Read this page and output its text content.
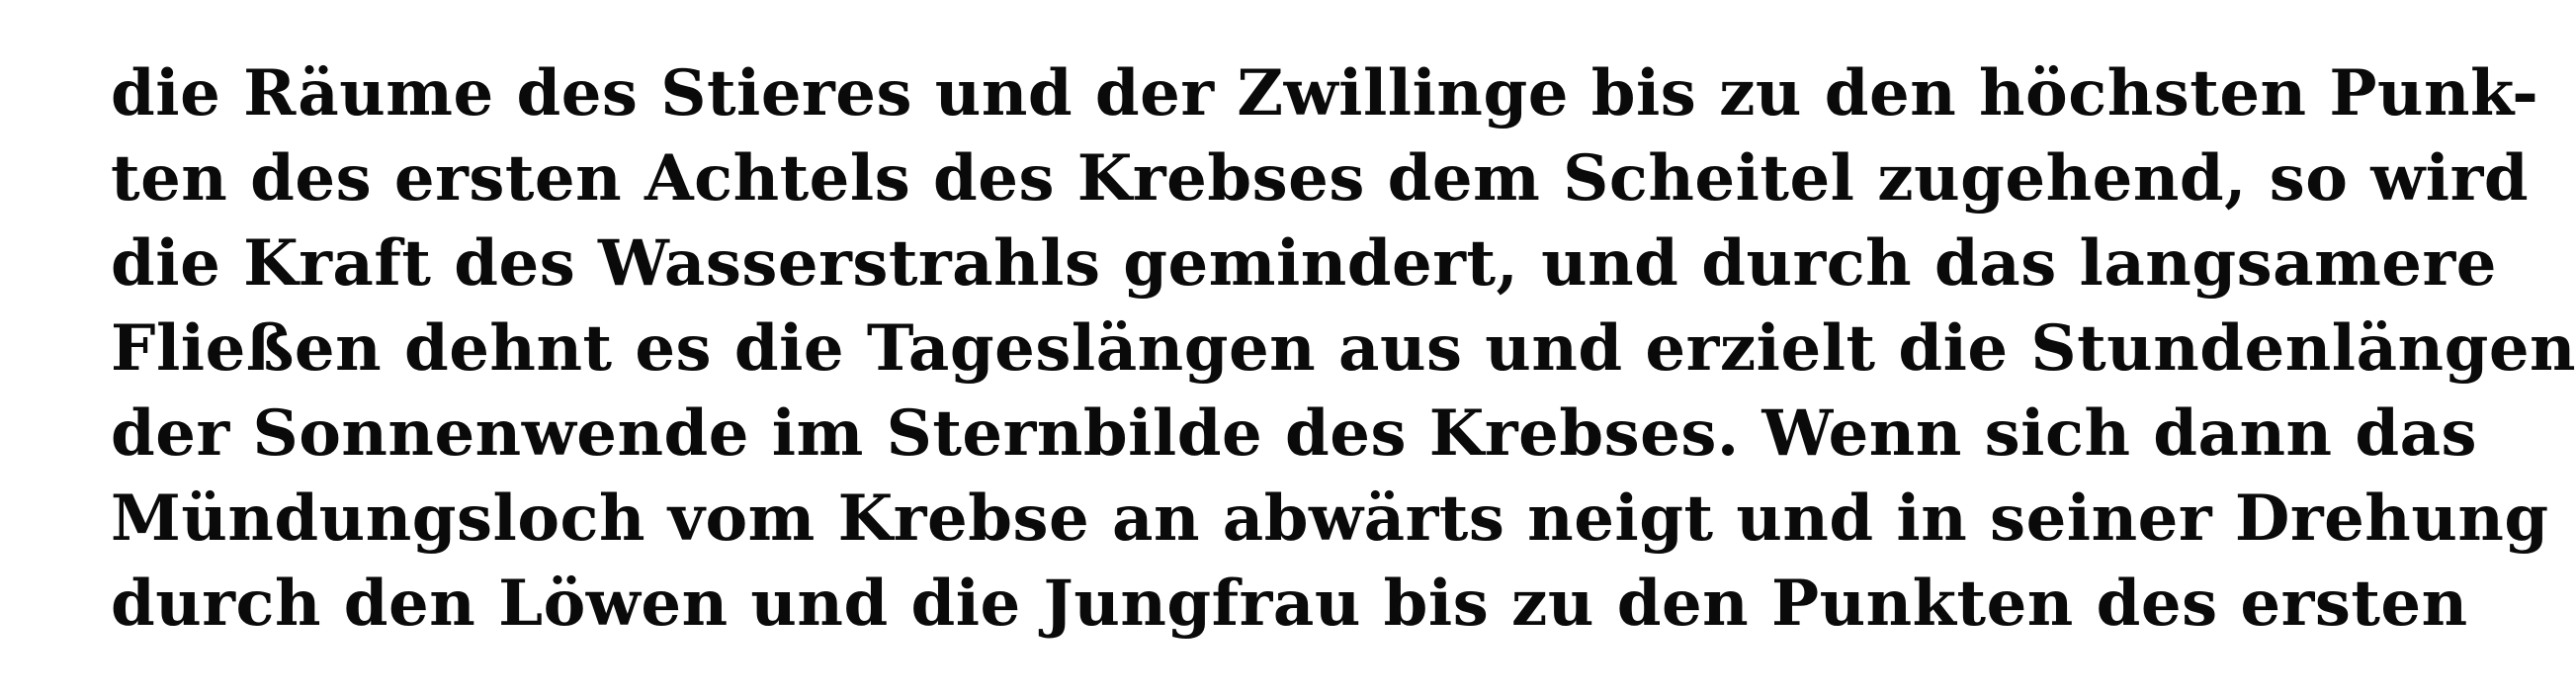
die Räume des Stieres und der Zwillinge bis zu den höchsten Punk-
ten des ersten Achtels des Krebses dem Scheitel zugehend, so wird
die Kraft des Wasserstrahls gemindert, und durch das langsamere
Fließen dehnt es die Tageslängen aus und erzielt die Stundenlängen
der Sonnenwende im Sternbilde des Krebses. Wenn sich dann das
Mündungsloch vom Krebse an abwärts neigt und in seiner Drehung
durch den Löwen und die Jungfrau bis zu den Punkten des ersten
